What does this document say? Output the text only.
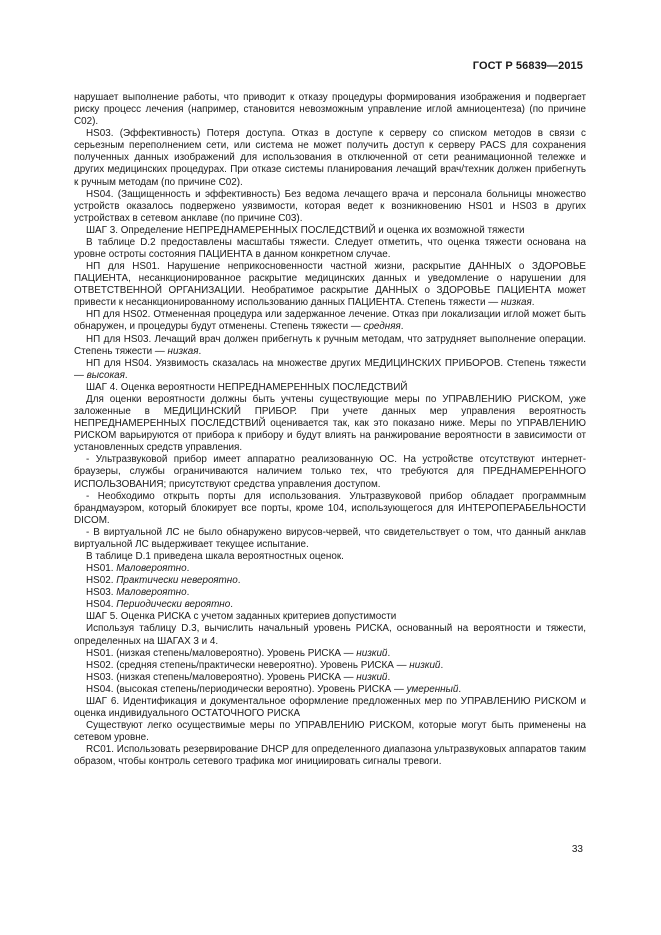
ГОСТ Р 56839—2015

нарушает выполнение работы, что приводит к отказу процедуры формирования изображения и подвергает риску процесс лечения (например, становится невозможным управление иглой амниоцентеза) (по причине С02).

HS03. (Эффективность) Потеря доступа. Отказ в доступе к серверу со списком методов в связи с серьезным переполнением сети, или система не может получить доступ к серверу PACS для сохранения полученных данных изображений для использования в отключенной от сети реанимационной тележке и других медицинских процедурах. При отказе системы планирования лечащий врач/техник должен прибегнуть к ручным методам (по причине С02).

HS04. (Защищенность и эффективность) Без ведома лечащего врача и персонала больницы множество устройств оказалось подвержено уязвимости, которая ведет к возникновению HS01 и HS03 в других устройствах в сетевом анклаве (по причине С03).

ШАГ 3. Определение НЕПРЕДНАМЕРЕННЫХ ПОСЛЕДСТВИЙ и оценка их возможной тяжести

В таблице D.2 предоставлены масштабы тяжести. Следует отметить, что оценка тяжести основана на уровне остроты состояния ПАЦИЕНТА в данном конкретном случае.

НП для HS01. Нарушение неприкосновенности частной жизни, раскрытие ДАННЫХ о ЗДОРОВЬЕ ПАЦИЕНТА, несанкционированное раскрытие медицинских данных и уведомление о нарушении для ОТВЕТСТВЕННОЙ ОРГАНИЗАЦИИ. Необратимое раскрытие ДАННЫХ о ЗДОРОВЬЕ ПАЦИЕНТА может привести к несанкционированному использованию данных ПАЦИЕНТА. Степень тяжести — низкая.

НП для HS02. Отмененная процедура или задержанное лечение. Отказ при локализации иглой может быть обнаружен, и процедуры будут отменены. Степень тяжести — средняя.

НП для HS03. Лечащий врач должен прибегнуть к ручным методам, что затрудняет выполнение операции. Степень тяжести — низкая.

НП для HS04. Уязвимость сказалась на множестве других МЕДИЦИНСКИХ ПРИБОРОВ. Степень тяжести — высокая.

ШАГ 4. Оценка вероятности НЕПРЕДНАМЕРЕННЫХ ПОСЛЕДСТВИЙ

Для оценки вероятности должны быть учтены существующие меры по УПРАВЛЕНИЮ РИСКОМ, уже заложенные в МЕДИЦИНСКИЙ ПРИБОР. При учете данных мер управления вероятность НЕПРЕДНАМЕРЕННЫХ ПОСЛЕДСТВИЙ оценивается так, как это показано ниже. Меры по УПРАВЛЕНИЮ РИСКОМ варьируются от прибора к прибору и будут влиять на ранжирование вероятности в зависимости от установленных средств управления.

- Ультразвуковой прибор имеет аппаратно реализованную ОС. На устройстве отсутствуют интернет-браузеры, службы ограничиваются наличием только тех, что требуются для ПРЕДНАМЕРЕННОГО ИСПОЛЬЗОВАНИЯ; присутствуют средства управления доступом.

- Необходимо открыть порты для использования. Ультразвуковой прибор обладает программным брандмауэром, который блокирует все порты, кроме 104, использующегося для ИНТЕРОПЕРАБЕЛЬНОСТИ DICOM.

- В виртуальной ЛС не было обнаружено вирусов-червей, что свидетельствует о том, что данный анклав виртуальной ЛС выдерживает текущее испытание.

В таблице D.1 приведена шкала вероятностных оценок.

HS01. Маловероятно.

HS02. Практически невероятно.

HS03. Маловероятно.

HS04. Периодически вероятно.

ШАГ 5. Оценка РИСКА с учетом заданных критериев допустимости

Используя таблицу D.3, вычислить начальный уровень РИСКА, основанный на вероятности и тяжести, определенных на ШАГАХ 3 и 4.

HS01. (низкая степень/маловероятно). Уровень РИСКА — низкий.

HS02. (средняя степень/практически невероятно). Уровень РИСКА — низкий.

HS03. (низкая степень/маловероятно). Уровень РИСКА — низкий.

HS04. (высокая степень/периодически вероятно). Уровень РИСКА — умеренный.

ШАГ 6. Идентификация и документальное оформление предложенных мер по УПРАВЛЕНИЮ РИСКОМ и оценка индивидуального ОСТАТОЧНОГО РИСКА

Существуют легко осуществимые меры по УПРАВЛЕНИЮ РИСКОМ, которые могут быть применены на сетевом уровне.

RC01. Использовать резервирование DHCP для определенного диапазона ультразвуковых аппаратов таким образом, чтобы контроль сетевого трафика мог инициировать сигналы тревоги.

33
